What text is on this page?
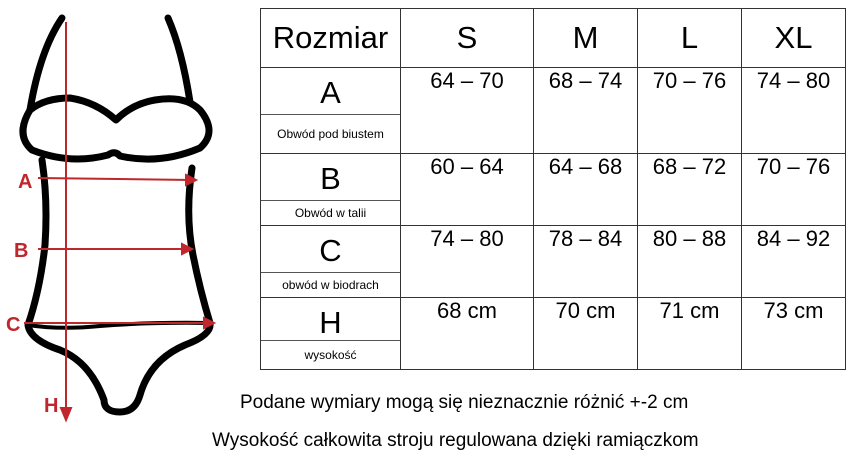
A
B
C
H
Rozmiar	S	M	L	XL

A
Obwód pod biustem	64 – 70	68 – 74	70 – 76	74 – 80

B
Obwód w talii	60 – 64	64 – 68	68 – 72	70 – 76

C
obwód w biodrach	74 – 80	78 – 84	80 – 88	84 – 92

H
wysokość	68 cm	70 cm	71 cm	73 cm
Podane wymiary mogą się nieznacznie różnić +-2 cm
Wysokość całkowita stroju regulowana dzięki ramiączkom
